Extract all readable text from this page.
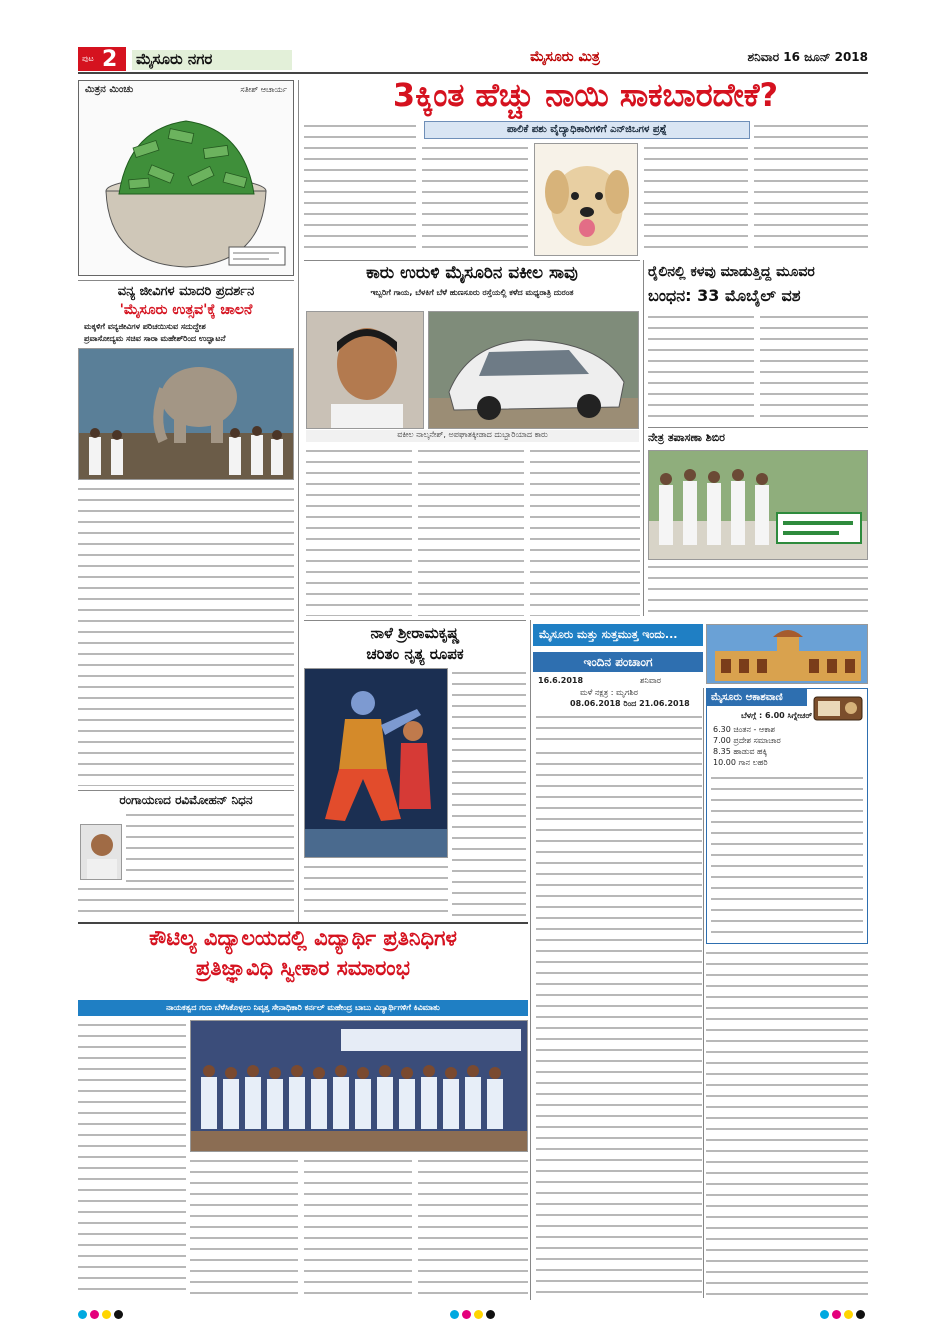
ಪುಟ 2 ಮೈಸೂರು ನಗರ	ಮೈಸೂರು ಮಿತ್ರ	ಶನಿವಾರ 16 ಜೂನ್ 2018
ಮಿತ್ರನ ಮಿಂಚು	ಸತೀಶ್ ಆಚಾರ್ಯ	3ಕ್ಕಿಂತ ಹೆಚ್ಚು ನಾಯಿ ಸಾಕಬಾರದೇಕೆ?
ಪಾಲಿಕೆ ಪಶು ವೈದ್ಯಾಧಿಕಾರಿಗಳಿಗೆ ಎನ್‍ಜಿಒಗಳ ಪ್ರಶ್ನೆ
ವನ್ಯ ಜೀವಿಗಳ ಮಾದರಿ ಪ್ರದರ್ಶನ
'ಮೈಸೂರು ಉತ್ಸವ'ಕ್ಕೆ ಚಾಲನೆ
ಮಕ್ಕಳಿಗೆ ವನ್ಯಜೀವಿಗಳ ಪರಿಚಯಿಸುವ ಸದುದ್ದೇಶ
ಪ್ರವಾಸೋದ್ಯಮ ಸಚಿವ ಸಾರಾ ಮಹೇಶ್‍ರಿಂದ ಉದ್ಘಾಟನೆ
ರಂಗಾಯಣದ ರವಿಮೋಹನ್ ನಿಧನ
ಕಾರು ಉರುಳಿ ಮೈಸೂರಿನ ವಕೀಲ ಸಾವು
ಇಬ್ಬರಿಗೆ ಗಾಯ, ಬೆಳಕಿಗೆ ಬೆಳೆ ಹುಣಸೂರು ರಸ್ತೆಯಲ್ಲಿ ಕಳೆದ ಮಧ್ಯರಾತ್ರಿ ದುರಂತ
ವಕೀಲ ನಾಲ್ಕನೇಶ್, ಅಪಘಾತಕ್ಕೀಡಾದ ದುಬ್ಬಾರಿಯಾದ ಕಾರು
ರೈಲಿನಲ್ಲಿ ಕಳವು ಮಾಡುತ್ತಿದ್ದ ಮೂವರ
ಬಂಧನ: 33 ಮೊಬೈಲ್ ವಶ
ನೇತ್ರ ತಪಾಸಣಾ ಶಿಬಿರ
ನಾಳೆ ಶ್ರೀರಾಮಕೃಷ್ಣ
ಚರಿತಂ ನೃತ್ಯ ರೂಪಕ
ಮೈಸೂರು ಮತ್ತು ಸುತ್ತಮುತ್ತ ಇಂದು...
ಇಂದಿನ ಪಂಚಾಂಗ
16.6.2018	ಶನಿವಾರ
ಮಳೆ ನಕ್ಷತ್ರ : ಮೃಗಶಿರ
08.06.2018 ರಿಂದ 21.06.2018
ಮೈಸೂರು ಆಕಾಶವಾಣಿ
ಬೆಳಗ್ಗೆ : 6.00 ಸಿಗ್ನೇಚರ್
6.30 ಚಿಂತನ - ಆಕಾಶ
7.00 ಪ್ರದೇಶ ಸಮಾಚಾರ
8.35 ಹಾಡುವ ಹಕ್ಕಿ
10.00 ಗಾನ ಲಹರಿ
ಕೌಟಿಲ್ಯ ವಿದ್ಯಾಲಯದಲ್ಲಿ ವಿದ್ಯಾರ್ಥಿ ಪ್ರತಿನಿಧಿಗಳ
ಪ್ರತಿಜ್ಞಾವಿಧಿ ಸ್ವೀಕಾರ ಸಮಾರಂಭ
ನಾಯಕತ್ವದ ಗುಣ ಬೆಳೆಸಿಕೊಳ್ಳಲು ನಿವೃತ್ತ ಸೇನಾಧಿಕಾರಿ ಕರ್ನಲ್ ಮಹೇಂದ್ರ ಬಾಬು ವಿದ್ಯಾರ್ಥಿಗಳಿಗೆ ಕಿವಿಮಾತು
